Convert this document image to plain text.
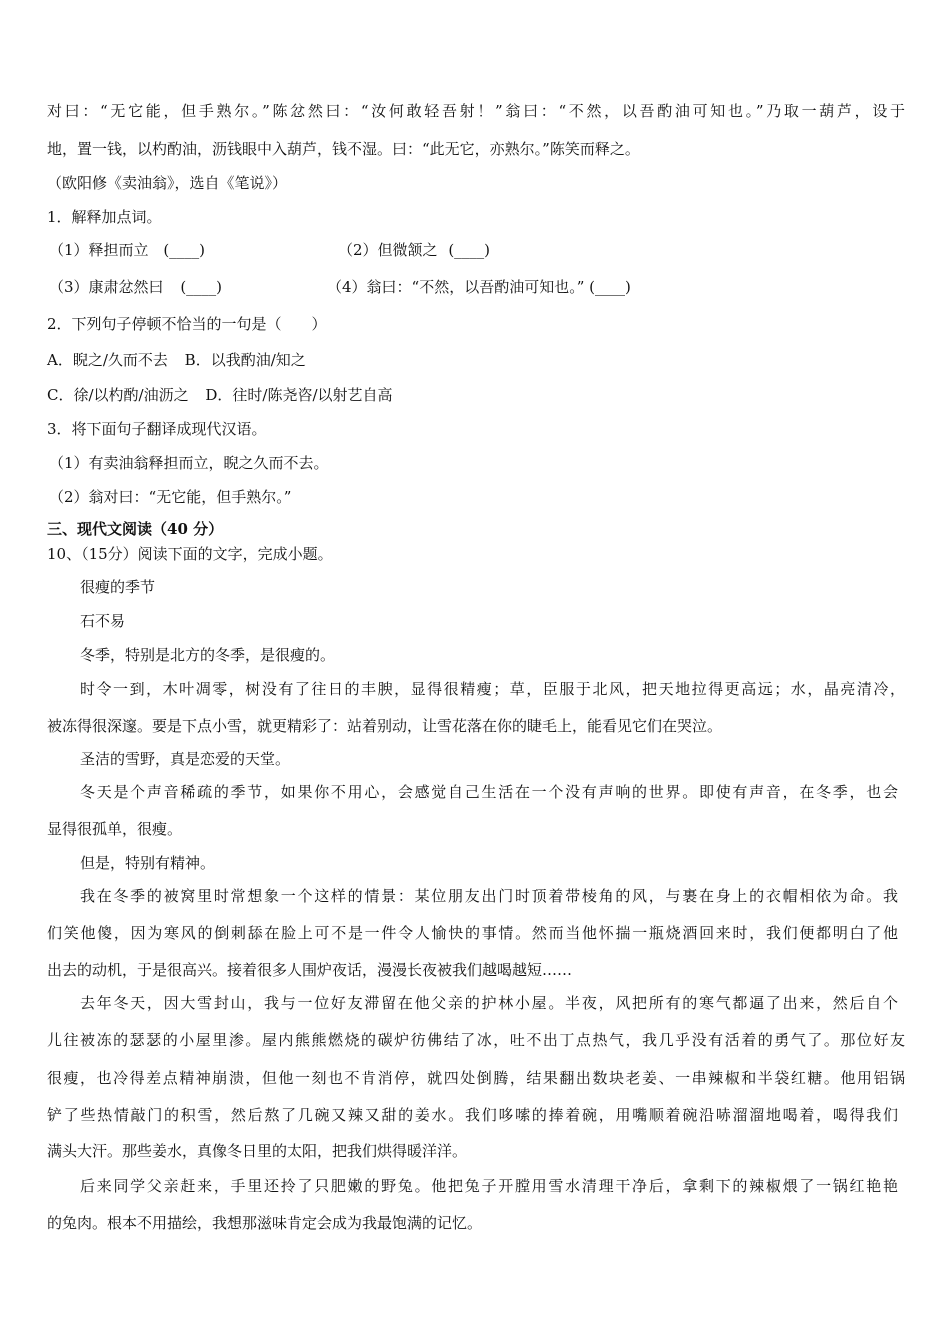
对曰：“无它能，但手熟尔。”陈忿然曰：“汝何敢轻吾射！”翁曰：“不然，以吾酌油可知也。”乃取一葫芦，设于
地，置一钱，以杓酌油，沥钱眼中入葫芦，钱不湿。曰：“此无它，亦熟尔。”陈笑而释之。
（欧阳修《卖油翁》，选自《笔说》）
1．解释加点词。
（1）释担而立 (____)	（2）但微颔之 (____)
（3）康肃忿然曰 (____)	（4）翁曰：“不然，以吾酌油可知也。” (____)
2．下列句子停顿不恰当的一句是（　　）
A．睨之/久而不去 B．以我酌油/知之
C．徐/以杓酌/油沥之 D．往时/陈尧咨/以射艺自高
3．将下面句子翻译成现代汉语。
（1）有卖油翁释担而立，睨之久而不去。
（2）翁对曰：“无它能，但手熟尔。”
三、现代文阅读（40 分）
10、（15分）阅读下面的文字，完成小题。
很瘦的季节
石不易
冬季，特别是北方的冬季，是很瘦的。
时令一到，木叶凋零，树没有了往日的丰腴，显得很精瘦；草，臣服于北风，把天地拉得更高远；水，晶亮清冷，
被冻得很深邃。要是下点小雪，就更精彩了：站着别动，让雪花落在你的睫毛上，能看见它们在哭泣。
圣洁的雪野，真是恋爱的天堂。
冬天是个声音稀疏的季节，如果你不用心，会感觉自己生活在一个没有声响的世界。即使有声音，在冬季，也会
显得很孤单，很瘦。
但是，特别有精神。
我在冬季的被窝里时常想象一个这样的情景：某位朋友出门时顶着带棱角的风，与裹在身上的衣帽相依为命。我
们笑他傻，因为寒风的倒刺舔在脸上可不是一件令人愉快的事情。然而当他怀揣一瓶烧酒回来时，我们便都明白了他
出去的动机，于是很高兴。接着很多人围炉夜话，漫漫长夜被我们越喝越短……
去年冬天，因大雪封山，我与一位好友滞留在他父亲的护林小屋。半夜，风把所有的寒气都逼了出来，然后自个
儿往被冻的瑟瑟的小屋里渗。屋内熊熊燃烧的碳炉彷佛结了冰，吐不出丁点热气，我几乎没有活着的勇气了。那位好友
很瘦，也冷得差点精神崩溃，但他一刻也不肯消停，就四处倒腾，结果翻出数块老姜、一串辣椒和半袋红糖。他用铝锅
铲了些热情敲门的积雪，然后熬了几碗又辣又甜的姜水。我们哆嗦的捧着碗，用嘴顺着碗沿哧溜溜地喝着，喝得我们
满头大汗。那些姜水，真像冬日里的太阳，把我们烘得暖洋洋。
后来同学父亲赶来，手里还拎了只肥嫩的野兔。他把兔子开膛用雪水清理干净后，拿剩下的辣椒煨了一锅红艳艳
的兔肉。根本不用描绘，我想那滋味肯定会成为我最饱满的记忆。
